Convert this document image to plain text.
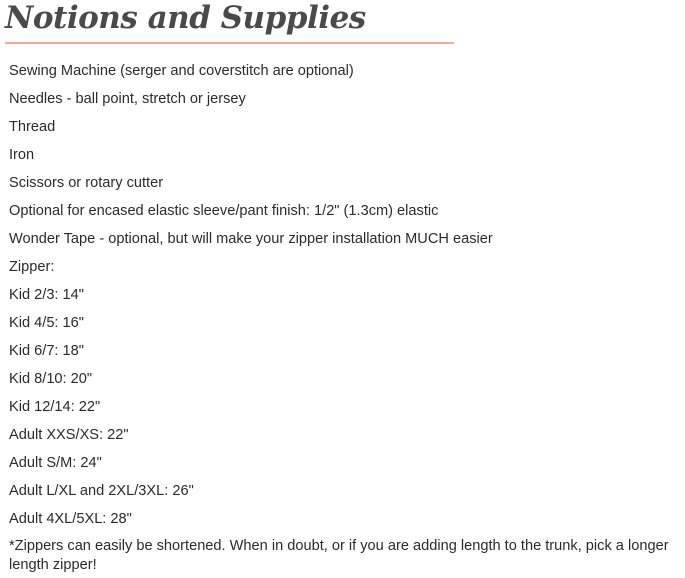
Notions and Supplies
Sewing Machine (serger and coverstitch are optional)
Needles - ball point, stretch or jersey
Thread
Iron
Scissors or rotary cutter
Optional for encased elastic sleeve/pant finish: 1/2" (1.3cm) elastic
Wonder Tape - optional, but will make your zipper installation MUCH easier
Zipper:
Kid 2/3: 14"
Kid 4/5: 16"
Kid 6/7: 18"
Kid 8/10: 20"
Kid 12/14: 22"
Adult XXS/XS: 22"
Adult S/M: 24"
Adult L/XL and 2XL/3XL: 26"
Adult 4XL/5XL: 28"

*Zippers can easily be shortened. When in doubt, or if you are adding length to the trunk, pick a longer length zipper!
